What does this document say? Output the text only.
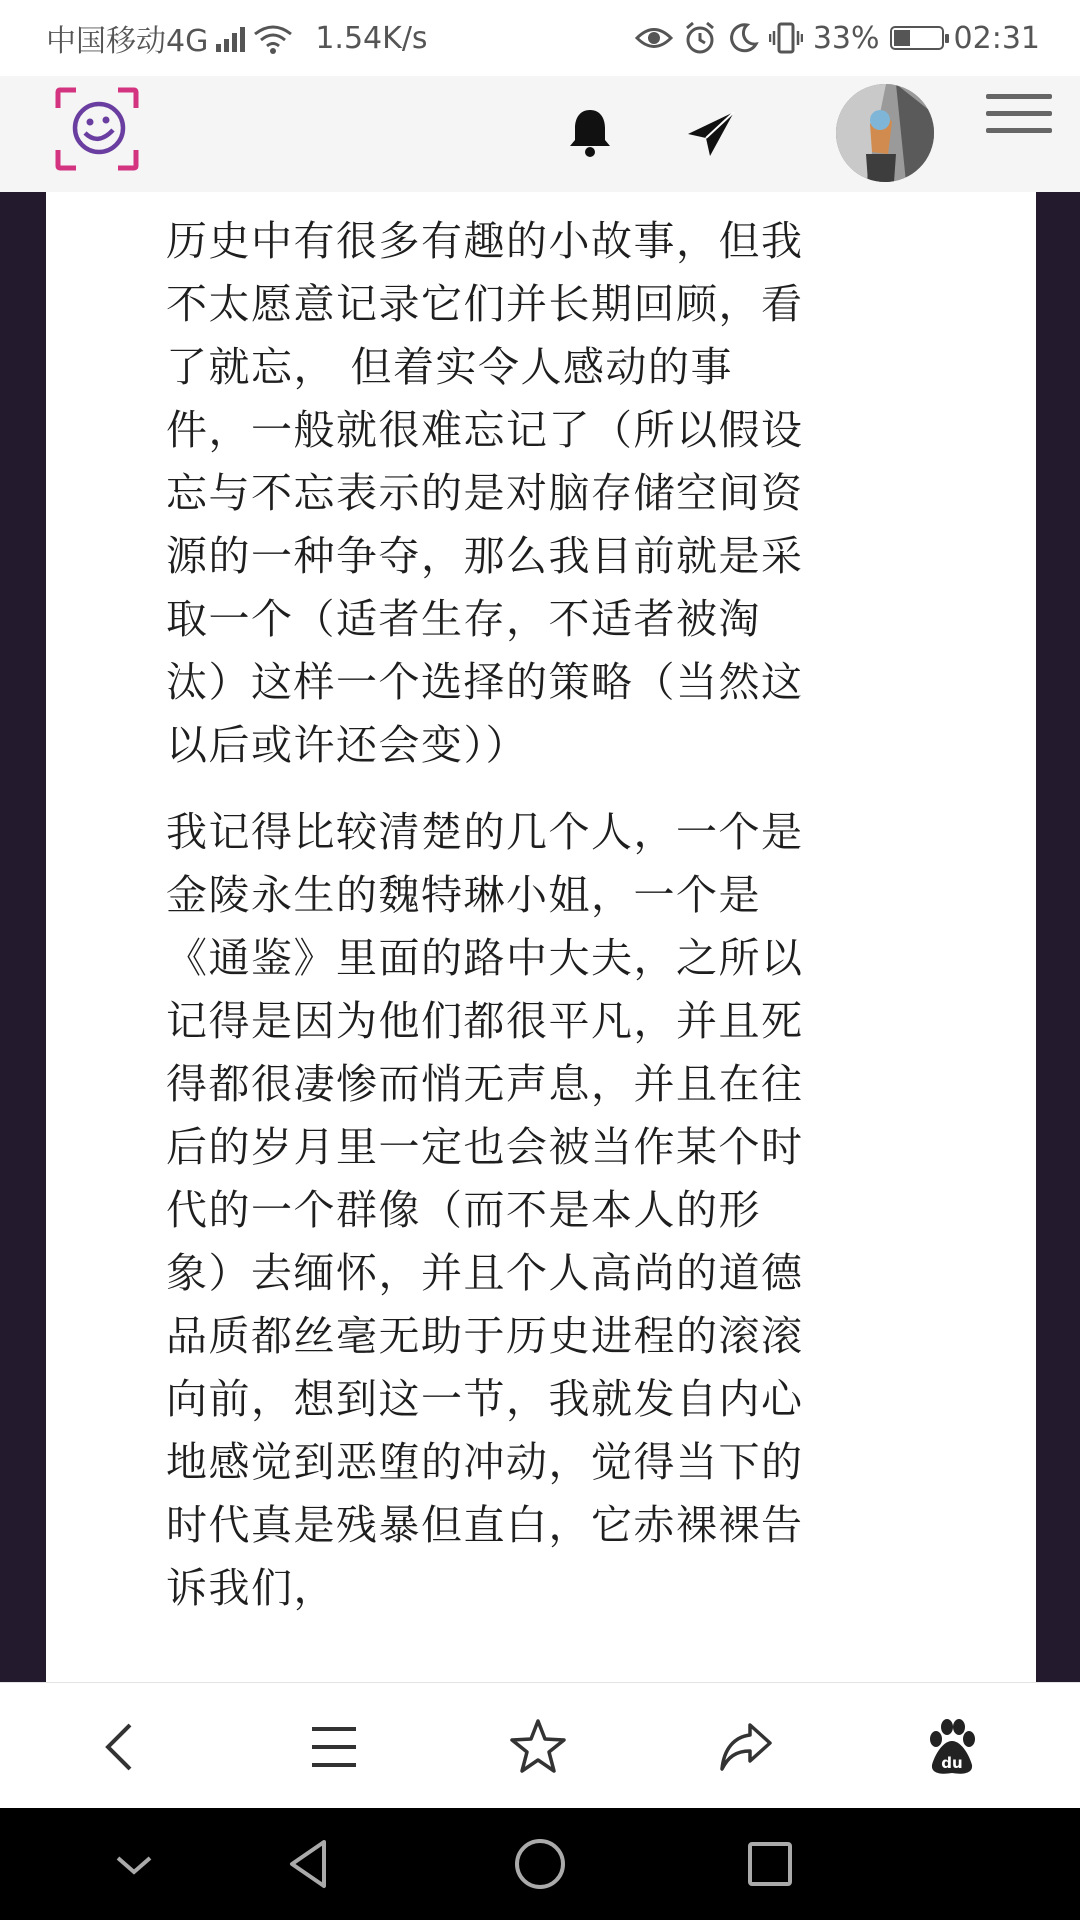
中国移动4G	1.54K/s	33% 02:31

历史中有很多有趣的小故事，但我不太愿意记录它们并长期回顾，看了就忘， 但着实令人感动的事件，一般就很难忘记了（所以假设忘与不忘表示的是对脑存储空间资源的一种争夺，那么我目前就是采取一个（适者生存，不适者被淘汰）这样一个选择的策略（当然这以后或许还会变））

我记得比较清楚的几个人，一个是金陵永生的魏特琳小姐，一个是《通鉴》里面的路中大夫，之所以记得是因为他们都很平凡，并且死得都很凄惨而悄无声息，并且在往后的岁月里一定也会被当作某个时代的一个群像（而不是本人的形象）去缅怀，并且个人高尚的道德品质都丝毫无助于历史进程的滚滚向前，想到这一节，我就发自内心地感觉到恶堕的冲动，觉得当下的时代真是残暴但直白，它赤裸裸告诉我们，

du
